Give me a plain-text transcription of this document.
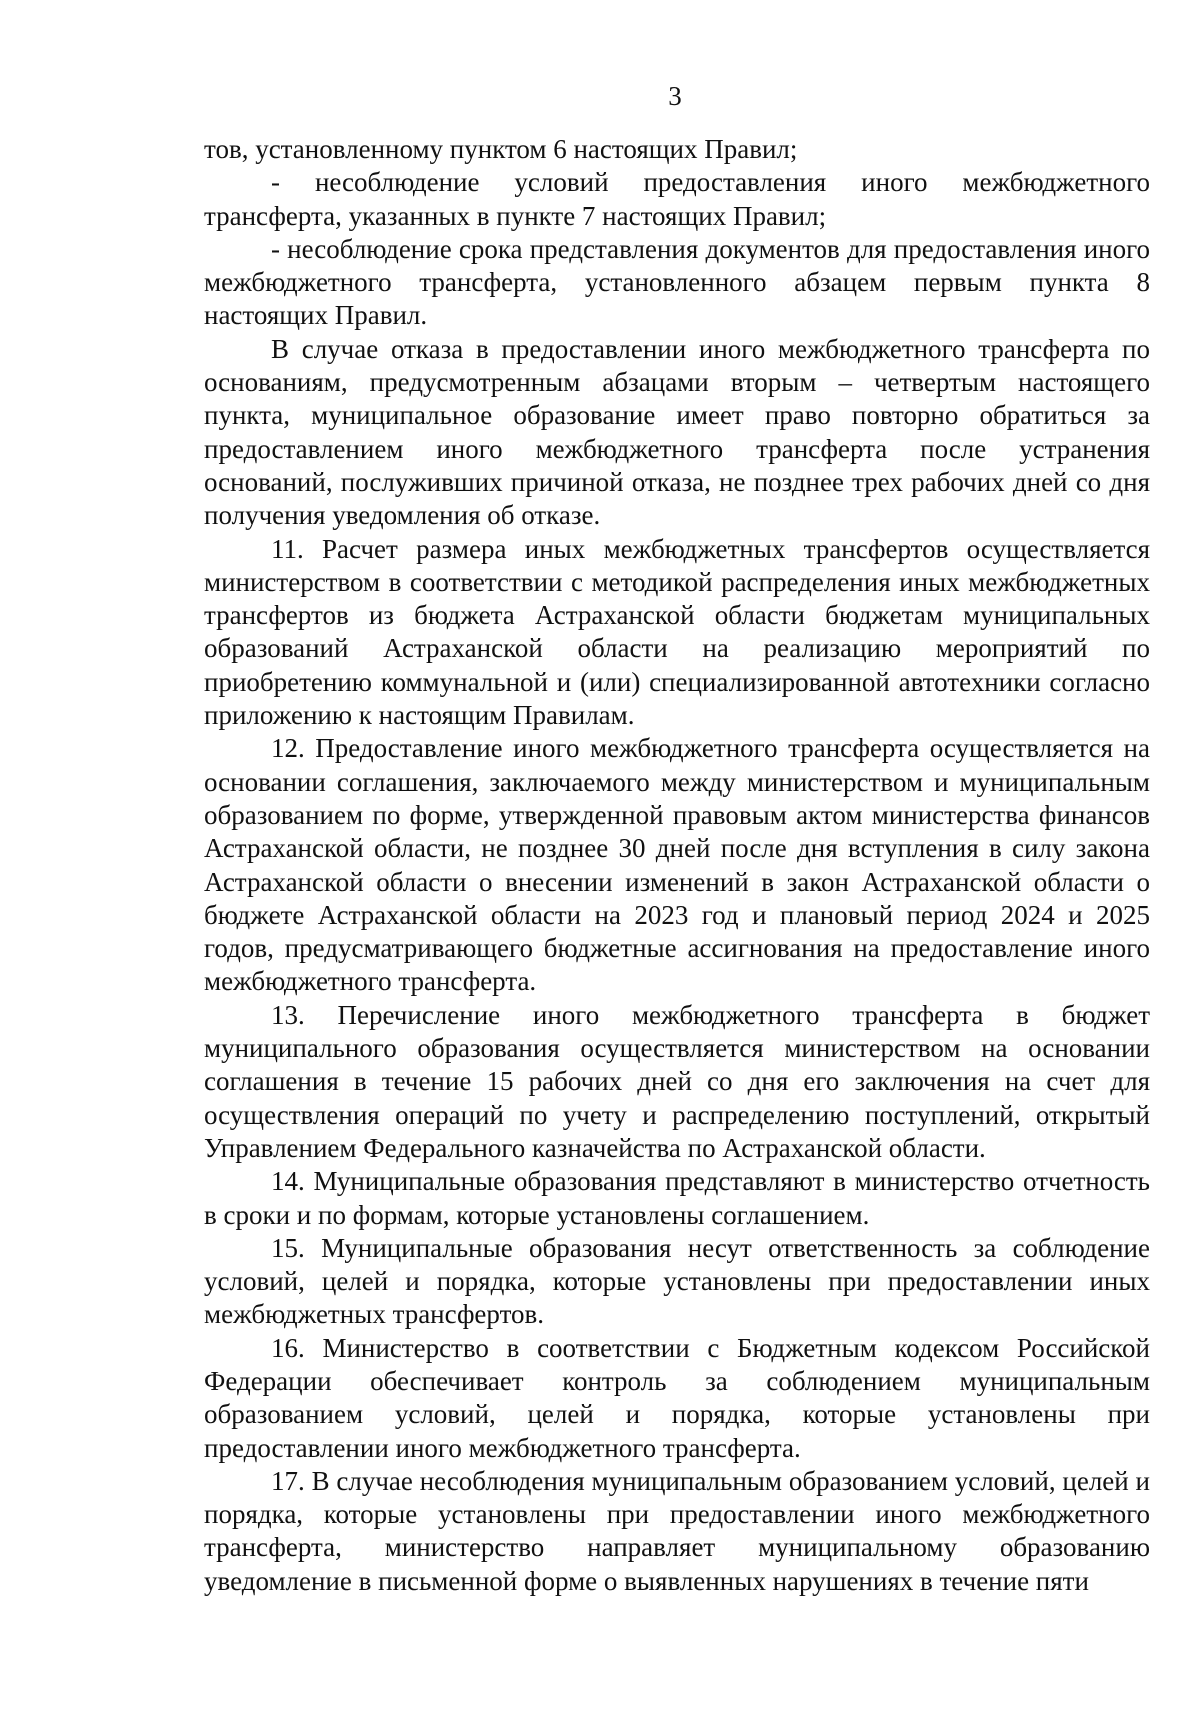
3

тов, установленному пунктом 6 настоящих Правил;

- несоблюдение условий предоставления иного межбюджетного трансферта, указанных в пункте 7 настоящих Правил;

- несоблюдение срока представления документов для предоставления иного межбюджетного трансферта, установленного абзацем первым пункта 8 настоящих Правил.

В случае отказа в предоставлении иного межбюджетного трансферта по основаниям, предусмотренным абзацами вторым – четвертым настоящего пункта, муниципальное образование имеет право повторно обратиться за предоставлением иного межбюджетного трансферта после устранения оснований, послуживших причиной отказа, не позднее трех рабочих дней со дня получения уведомления об отказе.

11. Расчет размера иных межбюджетных трансфертов осуществляется министерством в соответствии с методикой распределения иных межбюджетных трансфертов из бюджета Астраханской области бюджетам муниципальных образований Астраханской области на реализацию мероприятий по приобретению коммунальной и (или) специализированной автотехники согласно приложению к настоящим Правилам.

12. Предоставление иного межбюджетного трансферта осуществляется на основании соглашения, заключаемого между министерством и муниципальным образованием по форме, утвержденной правовым актом министерства финансов Астраханской области, не позднее 30 дней после дня вступления в силу закона Астраханской области о внесении изменений в закон Астраханской области о бюджете Астраханской области на 2023 год и плановый период 2024 и 2025 годов, предусматривающего бюджетные ассигнования на предоставление иного межбюджетного трансферта.

13. Перечисление иного межбюджетного трансферта в бюджет муниципального образования осуществляется министерством на основании соглашения в течение 15 рабочих дней со дня его заключения на счет для осуществления операций по учету и распределению поступлений, открытый Управлением Федерального казначейства по Астраханской области.

14. Муниципальные образования представляют в министерство отчетность в сроки и по формам, которые установлены соглашением.

15. Муниципальные образования несут ответственность за соблюдение условий, целей и порядка, которые установлены при предоставлении иных межбюджетных трансфертов.

16. Министерство в соответствии с Бюджетным кодексом Российской Федерации обеспечивает контроль за соблюдением муниципальным образованием условий, целей и порядка, которые установлены при предоставлении иного межбюджетного трансферта.

17. В случае несоблюдения муниципальным образованием условий, целей и порядка, которые установлены при предоставлении иного межбюджетного трансферта, министерство направляет муниципальному образованию уведомление в письменной форме о выявленных нарушениях в течение пяти
